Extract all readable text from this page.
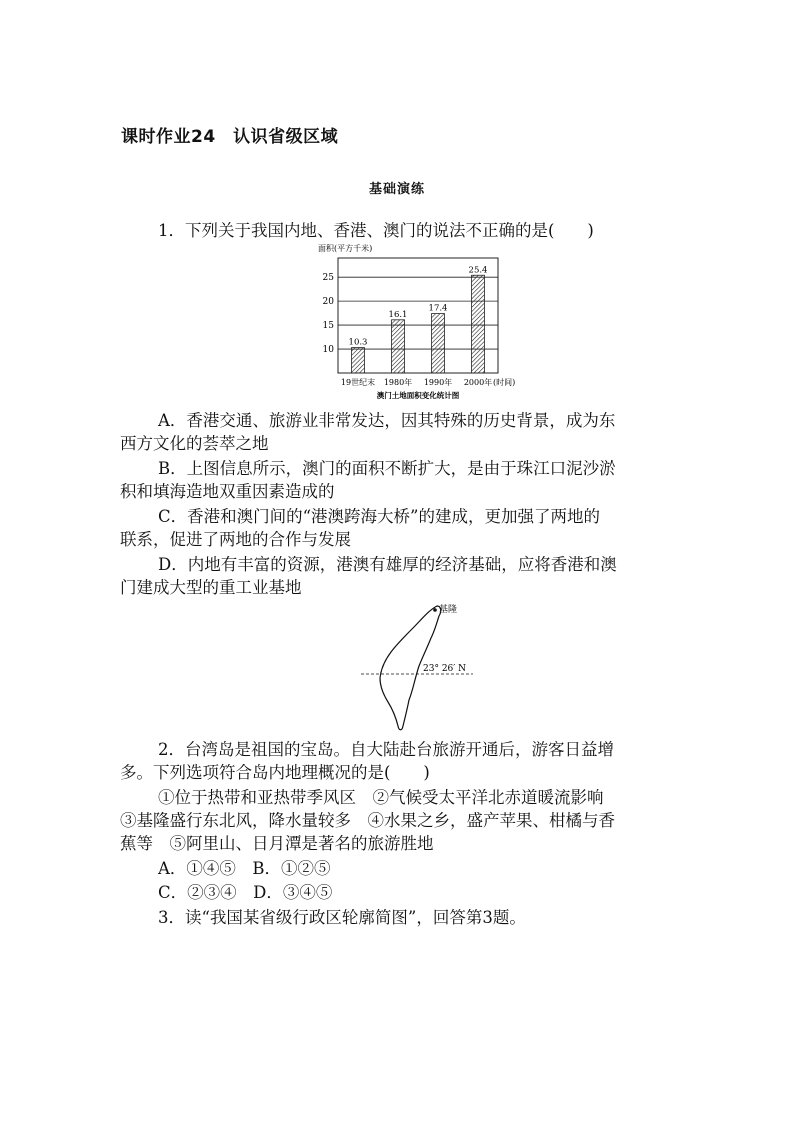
课时作业24　认识省级区域
基础演练
1．下列关于我国内地、香港、澳门的说法不正确的是(　　)
面积(平方千米)
10
15
20
25
19世纪末 1980年 1990年 2000年
10.3
16.1
17.4
25.4
(时间)
澳门土地面积变化统计图
A．香港交通、旅游业非常发达，因其特殊的历史背景，成为东
西方文化的荟萃之地
B．上图信息所示，澳门的面积不断扩大，是由于珠江口泥沙淤
积和填海造地双重因素造成的
C．香港和澳门间的“港澳跨海大桥”的建成，更加强了两地的
联系，促进了两地的合作与发展
D．内地有丰富的资源，港澳有雄厚的经济基础，应将香港和澳
门建成大型的重工业基地
基隆
23° 26′ N
2．台湾岛是祖国的宝岛。自大陆赴台旅游开通后，游客日益增
多。下列选项符合岛内地理概况的是(　　)
①位于热带和亚热带季风区　②气候受太平洋北赤道暖流影响
③基隆盛行东北风，降水量较多　④水果之乡，盛产苹果、柑橘与香
蕉等　⑤阿里山、日月潭是著名的旅游胜地
A．①④⑤　B．①②⑤
C．②③④　D．③④⑤
3．读“我国某省级行政区轮廓简图”，回答第3题。
